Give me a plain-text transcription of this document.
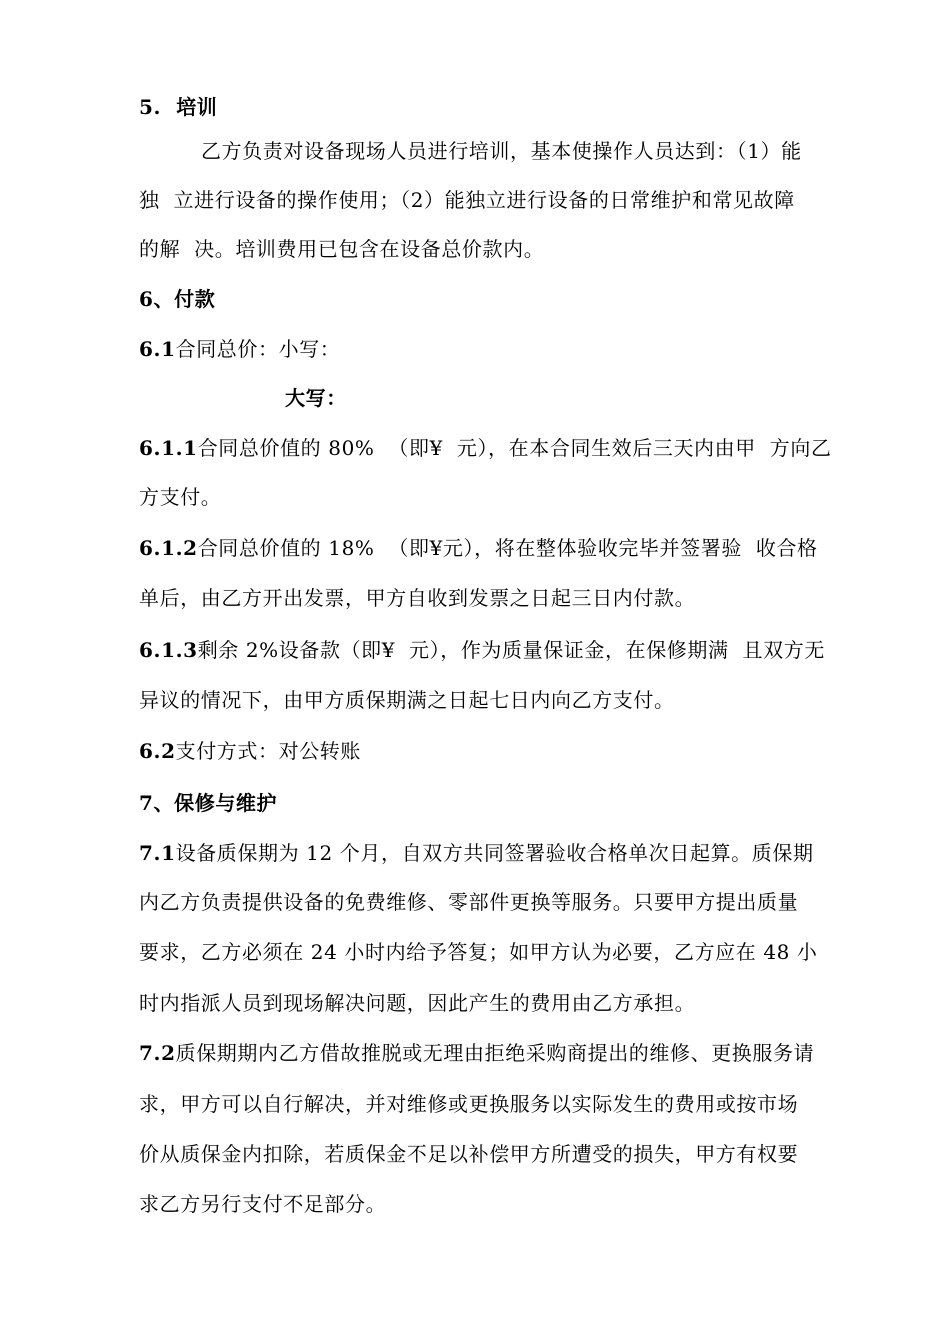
5.  培训
乙方负责对设备现场人员进行培训，基本使操作人员达到：（1）能
独  立进行设备的操作使用；（2）能独立进行设备的日常维护和常见故障
的解  决。培训费用已包含在设备总价款内。
6、付款
6.1合同总价：小写：
大写：
6.1.1合同总价值的 80%  （即¥  元），在本合同生效后三天内由甲  方向乙
方支付。
6.1.2合同总价值的 18%  （即¥元），将在整体验收完毕并签署验  收合格
单后，由乙方开出发票，甲方自收到发票之日起三日内付款。
6.1.3剩余 2%设备款（即¥  元），作为质量保证金，在保修期满  且双方无
异议的情况下，由甲方质保期满之日起七日内向乙方支付。
6.2支付方式：对公转账
7、保修与维护
7.1设备质保期为 12 个月，自双方共同签署验收合格单次日起算。质保期
内乙方负责提供设备的免费维修、零部件更换等服务。只要甲方提出质量
要求，乙方必须在 24 小时内给予答复；如甲方认为必要，乙方应在 48 小
时内指派人员到现场解决问题，因此产生的费用由乙方承担。
7.2质保期期内乙方借故推脱或无理由拒绝采购商提出的维修、更换服务请
求，甲方可以自行解决，并对维修或更换服务以实际发生的费用或按市场
价从质保金内扣除，若质保金不足以补偿甲方所遭受的损失，甲方有权要
求乙方另行支付不足部分。
